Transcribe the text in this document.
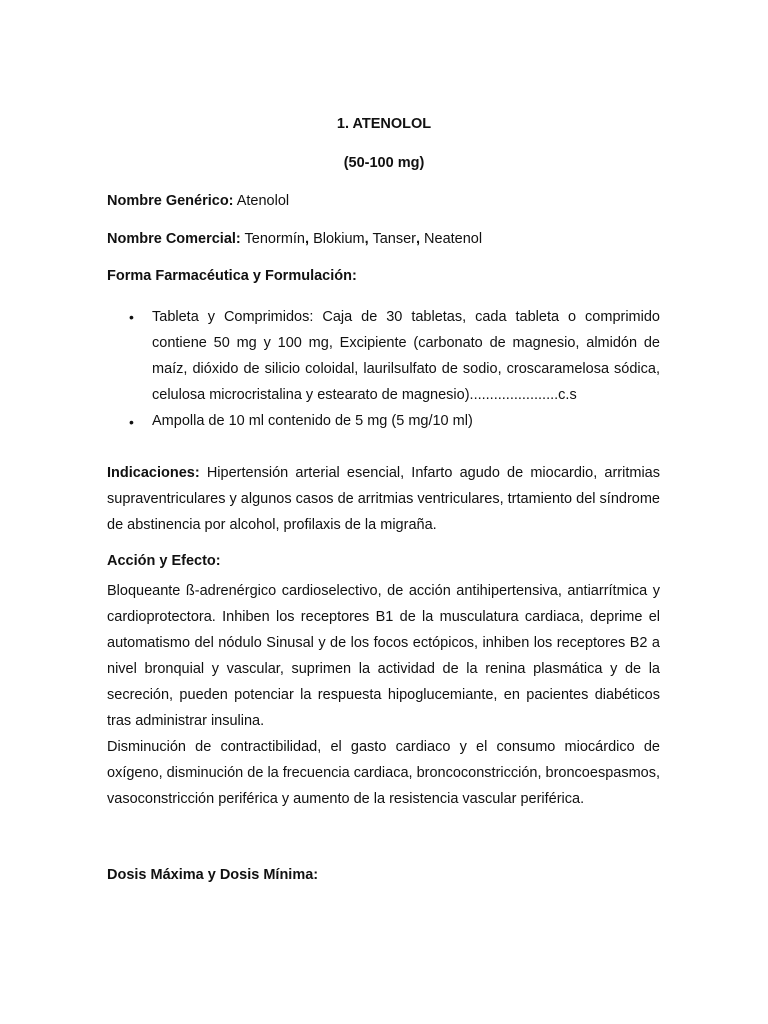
1. ATENOLOL
(50-100 mg)
Nombre Genérico: Atenolol
Nombre Comercial: Tenormín, Blokium, Tanser, Neatenol
Forma Farmacéutica y Formulación:
• Tableta y Comprimidos: Caja de 30 tabletas, cada tableta o comprimido contiene 50 mg y 100 mg, Excipiente (carbonato de magnesio, almidón de maíz, dióxido de silicio coloidal, laurilsulfato de sodio, croscaramelosa sódica, celulosa microcristalina y estearato de magnesio)......................c.s
• Ampolla de 10 ml contenido de 5 mg (5 mg/10 ml)
Indicaciones: Hipertensión arterial esencial, Infarto agudo de miocardio, arritmias supraventriculares y algunos casos de arritmias ventriculares, trtamiento del síndrome de abstinencia por alcohol, profilaxis de la migraña.
Acción y Efecto:
Bloqueante ß-adrenérgico cardioselectivo, de acción antihipertensiva, antiarrítmica y cardioprotectora. Inhiben los receptores B1 de la musculatura cardiaca, deprime el automatismo del nódulo Sinusal y de los focos ectópicos, inhiben los receptores B2 a nivel bronquial y vascular, suprimen la actividad de la renina plasmática y de la secreción, pueden potenciar la respuesta hipoglucemiante, en pacientes diabéticos tras administrar insulina.
Disminución de contractibilidad, el gasto cardiaco y el consumo miocárdico de oxígeno, disminución de la frecuencia cardiaca, broncoconstricción, broncoespasmos, vasoconstricción periférica y aumento de la resistencia vascular periférica.
Dosis Máxima y Dosis Mínima:
